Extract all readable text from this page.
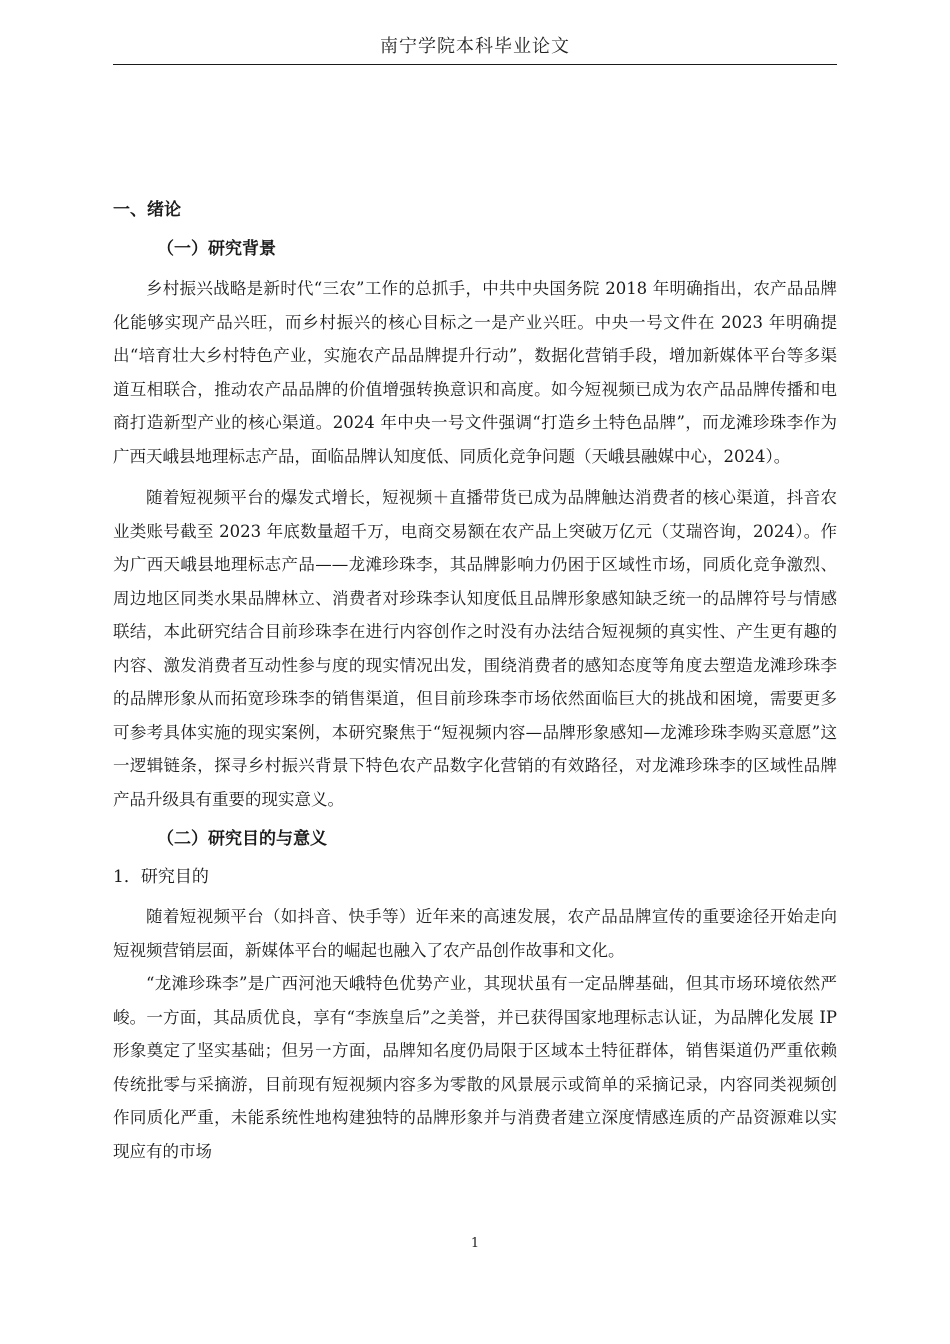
南宁学院本科毕业论文
一、绪论
（一）研究背景

乡村振兴战略是新时代“三农”工作的总抓手，中共中央国务院 2018 年明确指出，农产品品牌化能够实现产品兴旺，而乡村振兴的核心目标之一是产业兴旺。中央一号文件在 2023 年明确提出“培育壮大乡村特色产业，实施农产品品牌提升行动”，数据化营销手段，增加新媒体平台等多渠道互相联合，推动农产品品牌的价值增强转换意识和高度。如今短视频已成为农产品品牌传播和电商打造新型产业的核心渠道。2024 年中央一号文件强调“打造乡土特色品牌”，而龙滩珍珠李作为广西天峨县地理标志产品，面临品牌认知度低、同质化竞争问题（天峨县融媒中心，2024）。

随着短视频平台的爆发式增长，短视频＋直播带货已成为品牌触达消费者的核心渠道，抖音农业类账号截至 2023 年底数量超千万，电商交易额在农产品上突破万亿元（艾瑞咨询，2024）。作为广西天峨县地理标志产品——龙滩珍珠李，其品牌影响力仍困于区域性市场，同质化竞争激烈、周边地区同类水果品牌林立、消费者对珍珠李认知度低且品牌形象感知缺乏统一的品牌符号与情感联结，本此研究结合目前珍珠李在进行内容创作之时没有办法结合短视频的真实性、产生更有趣的内容、激发消费者互动性参与度的现实情况出发，围绕消费者的感知态度等角度去塑造龙滩珍珠李的品牌形象从而拓宽珍珠李的销售渠道，但目前珍珠李市场依然面临巨大的挑战和困境，需要更多可参考具体实施的现实案例，本研究聚焦于“短视频内容—品牌形象感知—龙滩珍珠李购买意愿”这一逻辑链条，探寻乡村振兴背景下特色农产品数字化营销的有效路径，对龙滩珍珠李的区域性品牌产品升级具有重要的现实意义。

（二）研究目的与意义
1．研究目的

随着短视频平台（如抖音、快手等）近年来的高速发展，农产品品牌宣传的重要途径开始走向短视频营销层面，新媒体平台的崛起也融入了农产品创作故事和文化。

“龙滩珍珠李”是广西河池天峨特色优势产业，其现状虽有一定品牌基础，但其市场环境依然严峻。一方面，其品质优良，享有“李族皇后”之美誉，并已获得国家地理标志认证，为品牌化发展 IP 形象奠定了坚实基础；但另一方面，品牌知名度仍局限于区域本土特征群体，销售渠道仍严重依赖传统批零与采摘游，目前现有短视频内容多为零散的风景展示或简单的采摘记录，内容同类视频创作同质化严重，未能系统性地构建独特的品牌形象并与消费者建立深度情感连质的产品资源难以实现应有的市场

1
